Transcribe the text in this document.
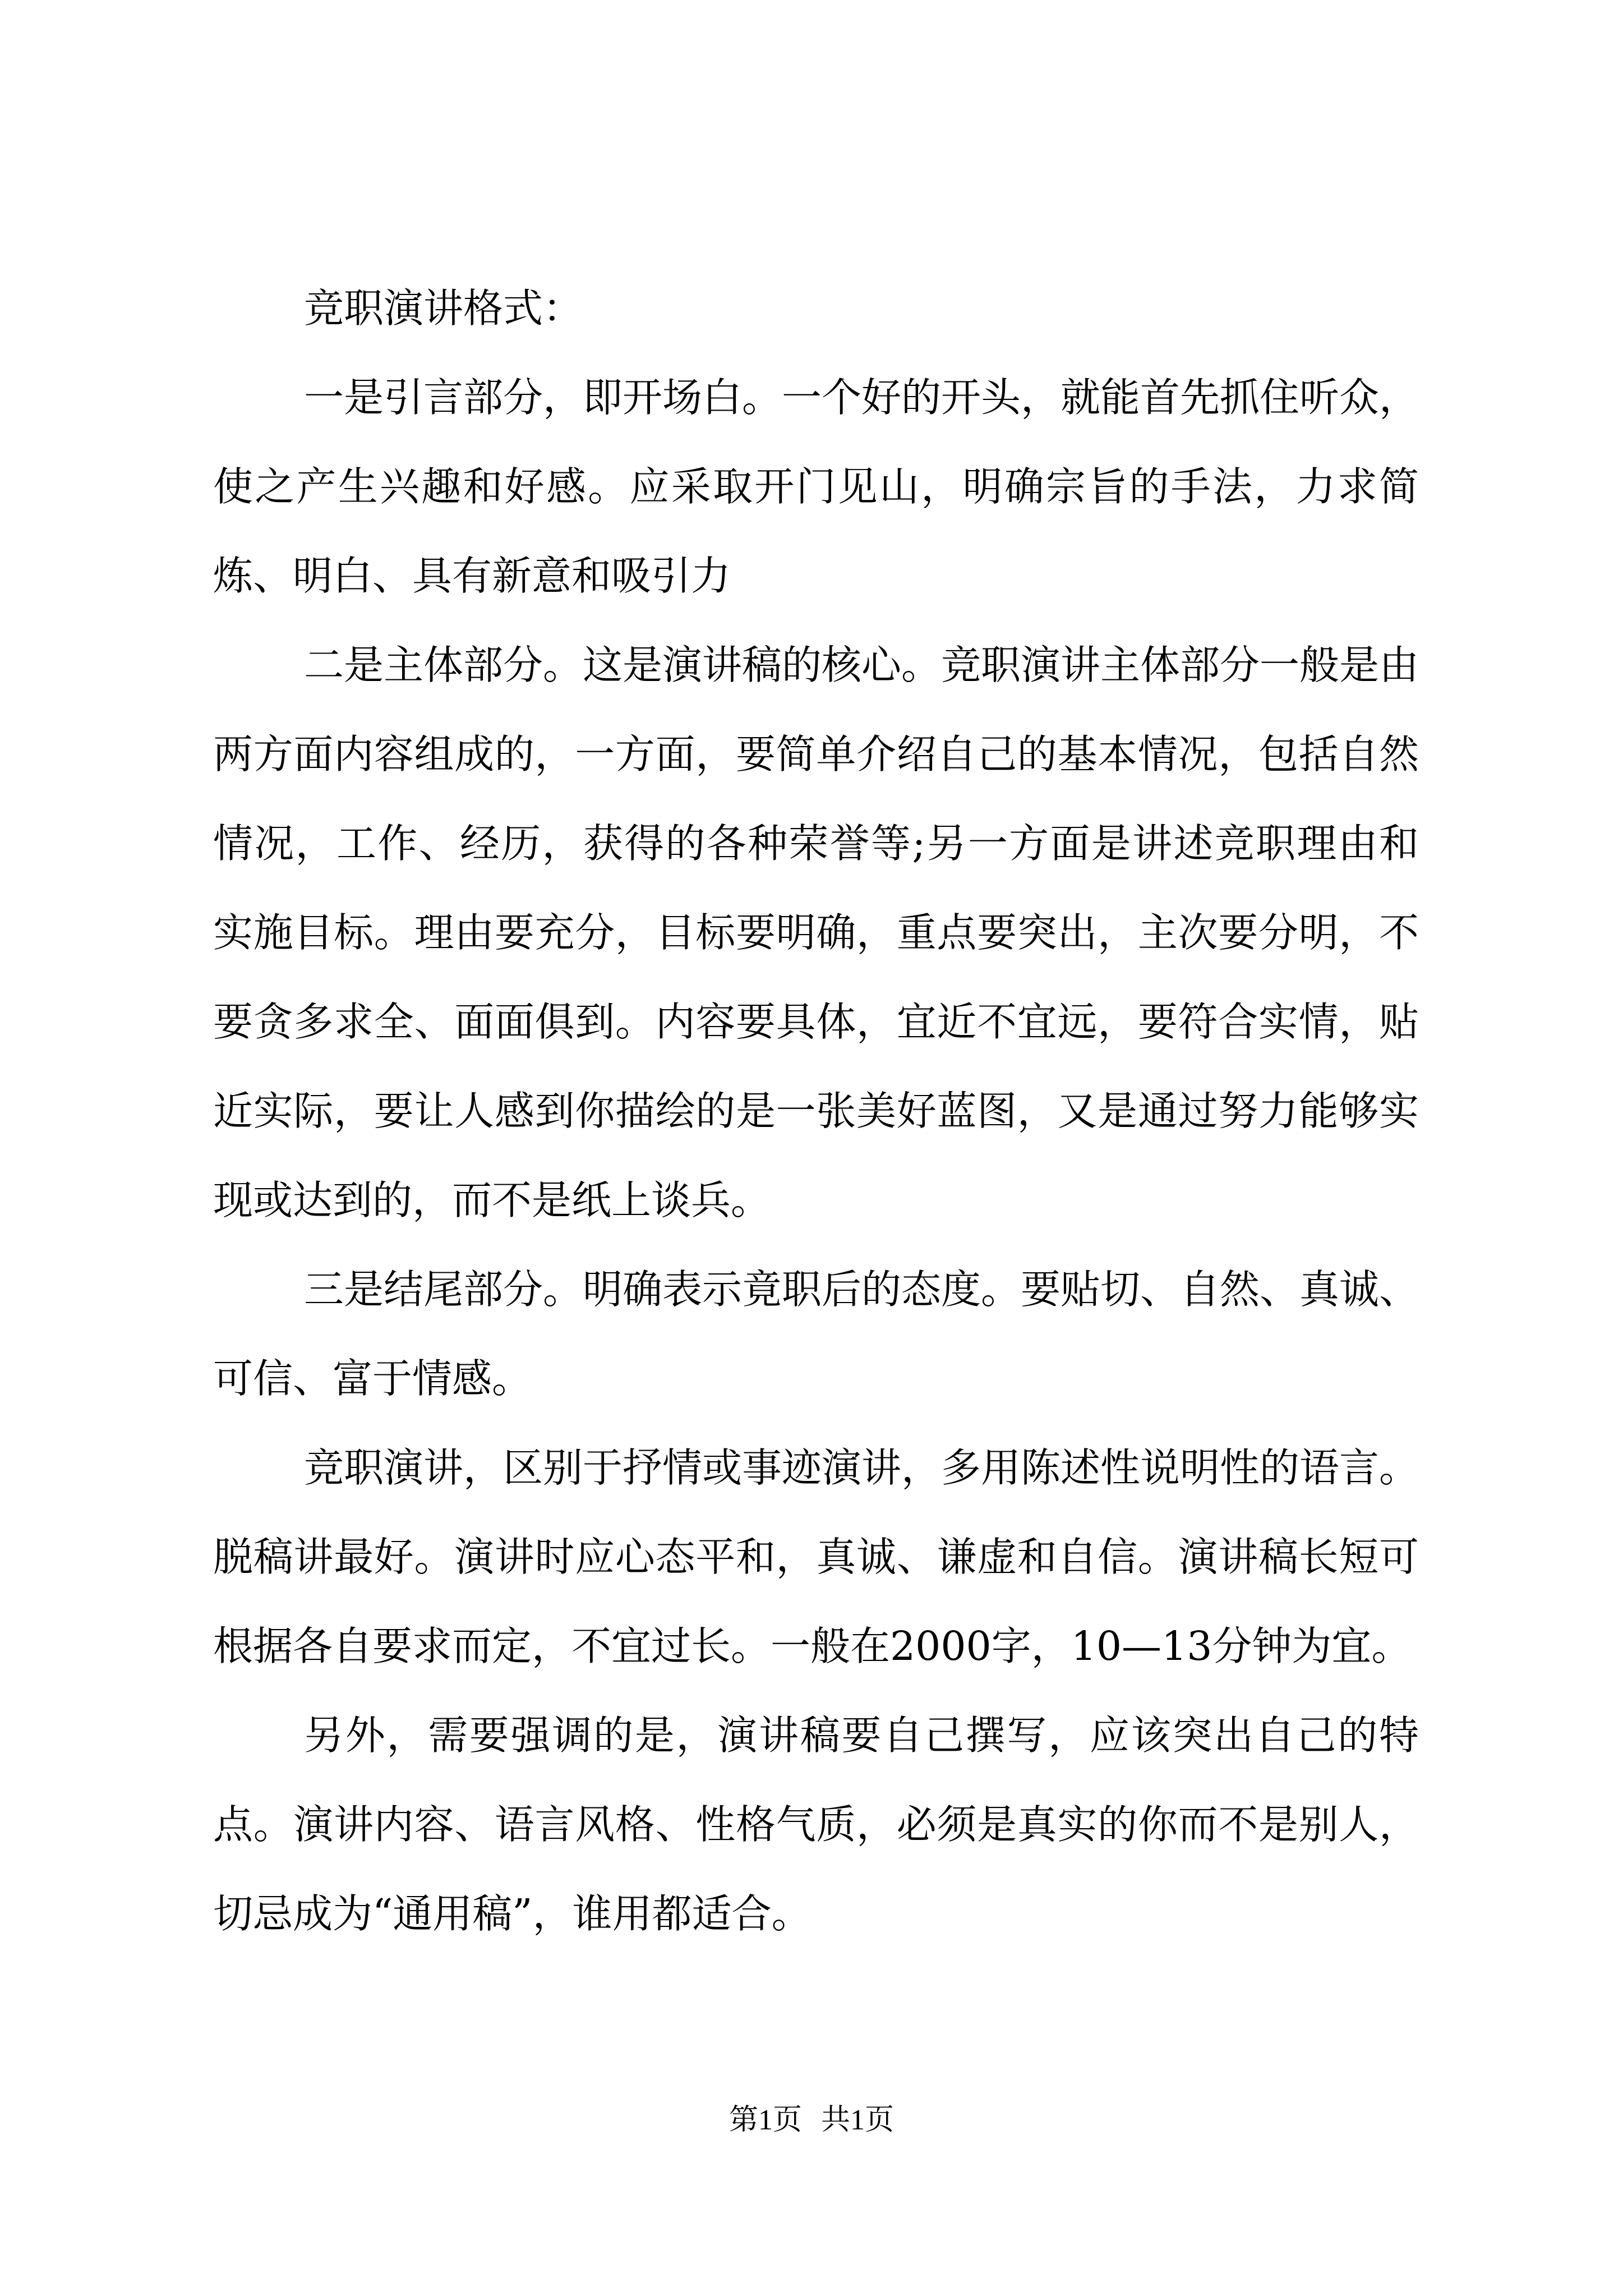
竞职演讲格式：

一是引言部分，即开场白。一个好的开头，就能首先抓住听众，使之产生兴趣和好感。应采取开门见山，明确宗旨的手法，力求简炼、明白、具有新意和吸引力

二是主体部分。这是演讲稿的核心。竞职演讲主体部分一般是由两方面内容组成的，一方面，要简单介绍自己的基本情况，包括自然情况，工作、经历，获得的各种荣誉等;另一方面是讲述竞职理由和实施目标。理由要充分，目标要明确，重点要突出，主次要分明，不要贪多求全、面面俱到。内容要具体，宜近不宜远，要符合实情，贴近实际，要让人感到你描绘的是一张美好蓝图，又是通过努力能够实现或达到的，而不是纸上谈兵。

三是结尾部分。明确表示竟职后的态度。要贴切、自然、真诚、可信、富于情感。

竞职演讲，区别于抒情或事迹演讲，多用陈述性说明性的语言。脱稿讲最好。演讲时应心态平和，真诚、谦虚和自信。演讲稿长短可根据各自要求而定，不宜过长。一般在2000字，10—13分钟为宜。

另外，需要强调的是，演讲稿要自己撰写，应该突出自己的特点。演讲内容、语言风格、性格气质，必须是真实的你而不是别人，切忌成为“通用稿”，谁用都适合。

第1页 共1页
